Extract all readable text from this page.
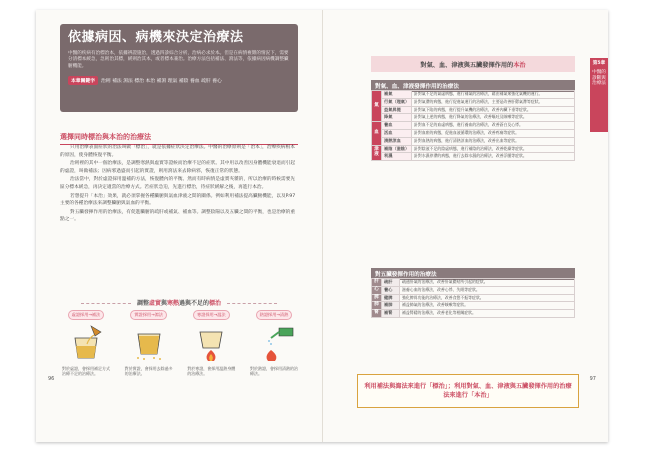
依據病因、病機來決定治療法
中醫的疾病有治標治本，依據辨證施治，透過四診綜合分析，治病必求於本。但是在病情複雜的情況下，需要分清標本緩急，急則治其標，緩則治其本，或者標本兼治。治療方法包括補法、瀉法等，依據病因病機調整臟腑機能。
本章關鍵字	治則 補法 瀉法 標治 本治 補瀉 理氣 補陰 養血 疏肝 養心
選擇同時標治與本治的治療法

只用治療表面症狀的治法叫做「標治」，就是依據症狀決定治療法。中醫的治療原則是「治本」，治療疾病根本的原因，使身體恢復平衡。

治則裡的其中一個治療法，是調整寒熱與虛實等證候而治療不足的症狀。其中用以改善因身體機能衰退而引起的虛證，叫做補法；因病邪過盛而引起的實證，則用瀉法來去除病邪，恢復正常的狀態。

治法當中，對於虛證採用溫補的方法，恢復體內的平衡。然而有時病情是虛實夾雜的，所以治療的時候需要先區分標本緩急，再決定適當的治療方式。若症狀急迫，先進行標治，待症狀緩解之後，再進行本治。

若想提升「本治」效果，就必須掌握各種臟腑與氣血津液之間的關係。例如利用補法提高臟腑機能，以及P.97 主要的各種治療法來調整臟腑與氣血的平衡。

對五臟發揮作用的治療法，有促進臟腑的疏肝或補氣、補血等。調整陰陽以及五臟之間的平衡，也是治療的重點之一。

調整虛實與寒熱過與不足的標治
虛證採用→補法
對於虛證，會採用補足方式治療不足的治療法。
實證採用→瀉法
對於實證，會採用去除過多的治療法。
寒證採用→溫法
對於寒證，會採用溫熱身體的治療法。
熱證採用→清熱
對於熱證，會採用清熱的治療法。
96
第5章
中醫的診斷與治療法
對氣、血、津液與五臟發揮作用的 本治
對氣、血、津液發揮作用的治療法
氣	補氣	針對氣不足的氣虛病態，進行補氣的治療法，藉由補氣來強化氣機的運行。
	行氣（理氣）	針對氣滯的病態，進行促進氣運行的治療法，主要是改善肝鬱氣滯等症狀。
	益氣昇提	針對氣下陷的病態，進行提升氣機的治療法，改善內臟下垂等症狀。
	降氣	針對氣上逆的病態，進行降氣的治療法，改善嘔吐及咳嗽等症狀。
血	養血	針對血不足的血虛病態，進行養血的治療法，改善蒼白及心悸。
	活血	針對血瘀的病態，促進血液循環的治療法，改善疼痛等症狀。
	清熱涼血	針對血熱的病態，進行清熱涼血的治療法，改善出血等症狀。
津液	補陰（滋陰）	針對陰液不足的陰虛病態，進行補陰的治療法，改善乾燥等症狀。
	利濕	針對水濕停滯的病態，進行去除水濕的治療法，改善浮腫等症狀。
對五臟發揮作用的治療法
肝	疏肝	疏通肝氣的治療法，改善肝氣鬱結所引起的症狀。
心	養心	滋養心血的治療法，改善心悸、失眠等症狀。
脾	健脾	強化脾胃功能的治療法，改善食慾不振等症狀。
肺	補肺	補益肺氣的治療法，改善咳嗽等症狀。
腎	補腎	補益腎精的治療法，改善老化等相關症狀。
利用補法與瀉法來進行「標治」；利用對氣、血、津液與五臟發揮作用的治療法來進行「本治」
97
